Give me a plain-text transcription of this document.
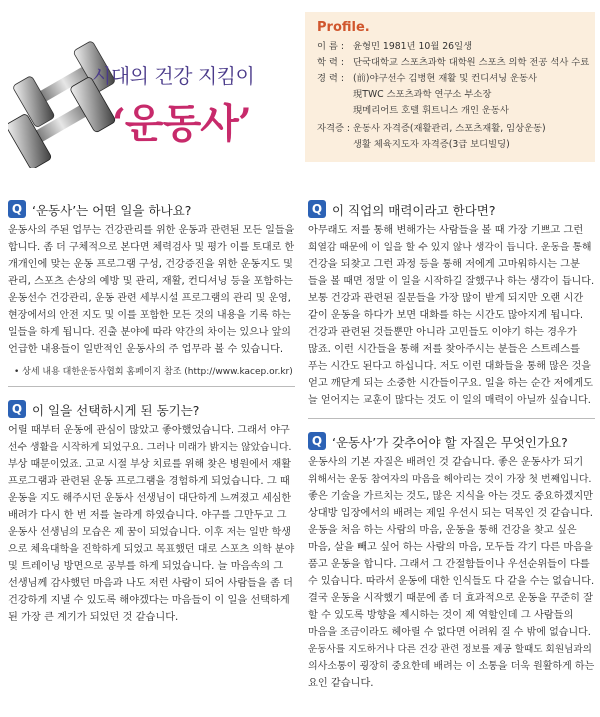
시대의 건강 지킴이
‘운동사’
Profile.
이 름 : 윤형민 1981년 10월 26일생
학 력 : 단국대학교 스포츠과학 대학원 스포츠 의학 전공 석사 수료
경 력 : (前)야구선수 김병현 재활 및 컨디셔닝 운동사
現TWC 스포츠과학 연구소 부소장
現메리어트 호텔 휘트니스 개인 운동사
자격증 : 운동사 자격증(재활관리, 스포츠재활, 임상운동)
생활 체육지도자 자격증(3급 보디빌딩)
Q ‘운동사’는 어떤 일을 하나요?
운동사의 주된 업무는 건강관리를 위한 운동과 관련된 모든 일들을
합니다. 좀 더 구체적으로 본다면 체력검사 및 평가 이를 토대로 한
개개인에 맞는 운동 프로그램 구성, 건강증진을 위한 운동지도 및
관리, 스포츠 손상의 예방 및 관리, 재활, 컨디셔닝 등을 포함하는
운동선수 건강관리, 운동 관련 세부시설 프로그램의 관리 및 운영,
현장에서의 안전 지도 및 이를 포함한 모든 것의 내용을 기록 하는
일들을 하게 됩니다. 진출 분야에 따라 약간의 차이는 있으나 앞의
언급한 내용들이 일반적인 운동사의 주 업무라 볼 수 있습니다.
• 상세 내용 대한운동사협회 홈페이지 참조 (http://www.kacep.or.kr)
Q 이 일을 선택하시게 된 동기는?
어릴 때부터 운동에 관심이 많았고 좋아했었습니다. 그래서 야구
선수 생활을 시작하게 되었구요. 그러나 미래가 밝지는 않았습니다.
부상 때문이었죠. 고교 시절 부상 치료를 위해 찾은 병원에서 재활
프로그램과 관련된 운동 프로그램을 경험하게 되었습니다. 그 때
운동을 지도 해주시던 운동사 선생님이 대단하게 느껴졌고 세심한
배려가 다시 한 번 저를 놀라게 하였습니다. 야구를 그만두고 그
운동사 선생님의 모습은 제 꿈이 되었습니다. 이후 저는 일반 학생
으로 체육대학을 진학하게 되었고 목표했던 대로 스포츠 의학 분야
및 트레이닝 방면으로 공부를 하게 되었습니다. 늘 마음속의 그
선생님께 감사했던 마음과 나도 저런 사람이 되어 사람들을 좀 더
건강하게 지낼 수 있도록 해야겠다는 마음들이 이 일을 선택하게
된 가장 큰 계기가 되었던 것 같습니다.
Q 이 직업의 매력이라고 한다면?
아무래도 저를 통해 변해가는 사람들을 볼 때 가장 기쁘고 그런
희열감 때문에 이 일을 할 수 있지 않나 생각이 듭니다. 운동을 통해
건강을 되찾고 그런 과정 등을 통해 저에게 고마워하시는 그분
들을 볼 때면 정말 이 일을 시작하길 잘했구나 하는 생각이 듭니다.
보통 건강과 관련된 질문들을 가장 많이 받게 되지만 오랜 시간
같이 운동을 하다가 보면 대화를 하는 시간도 많아지게 됩니다.
건강과 관련된 것들뿐만 아니라 고민들도 이야기 하는 경우가
많죠. 이런 시간들을 통해 저를 찾아주시는 분들은 스트레스를
푸는 시간도 된다고 하십니다. 저도 이런 대화들을 통해 많은 것을
얻고 깨닫게 되는 소중한 시간들이구요. 일을 하는 순간 저에게도
늘 얻어지는 교훈이 많다는 것도 이 일의 매력이 아닐까 싶습니다.
Q ‘운동사’가 갖추어야 할 자질은 무엇인가요?
운동사의 기본 자질은 배려인 것 같습니다. 좋은 운동사가 되기
위해서는 운동 참여자의 마음을 헤아리는 것이 가장 첫 번째입니다.
좋은 기술을 가르치는 것도, 많은 지식을 아는 것도 중요하겠지만
상대방 입장에서의 배려는 제일 우선시 되는 덕목인 것 같습니다.
운동을 처음 하는 사람의 마음, 운동을 통해 건강을 찾고 싶은
마음, 살을 빼고 싶어 하는 사람의 마음, 모두들 각기 다른 마음을
품고 운동을 합니다. 그래서 그 간절함들이나 우선순위들이 다를
수 있습니다. 따라서 운동에 대한 인식들도 다 같을 수는 없습니다.
결국 운동을 시작했기 때문에 좀 더 효과적으로 운동을 꾸준히 잘
할 수 있도록 방향을 제시하는 것이 제 역할인데 그 사람들의
마음을 조금이라도 헤아릴 수 없다면 어려워 질 수 밖에 없습니다.
운동사를 지도하거나 다른 건강 관련 정보를 제공 할때도 회원님과의
의사소통이 굉장히 중요한데 배려는 이 소통을 더욱 원활하게 하는
요인 같습니다.
